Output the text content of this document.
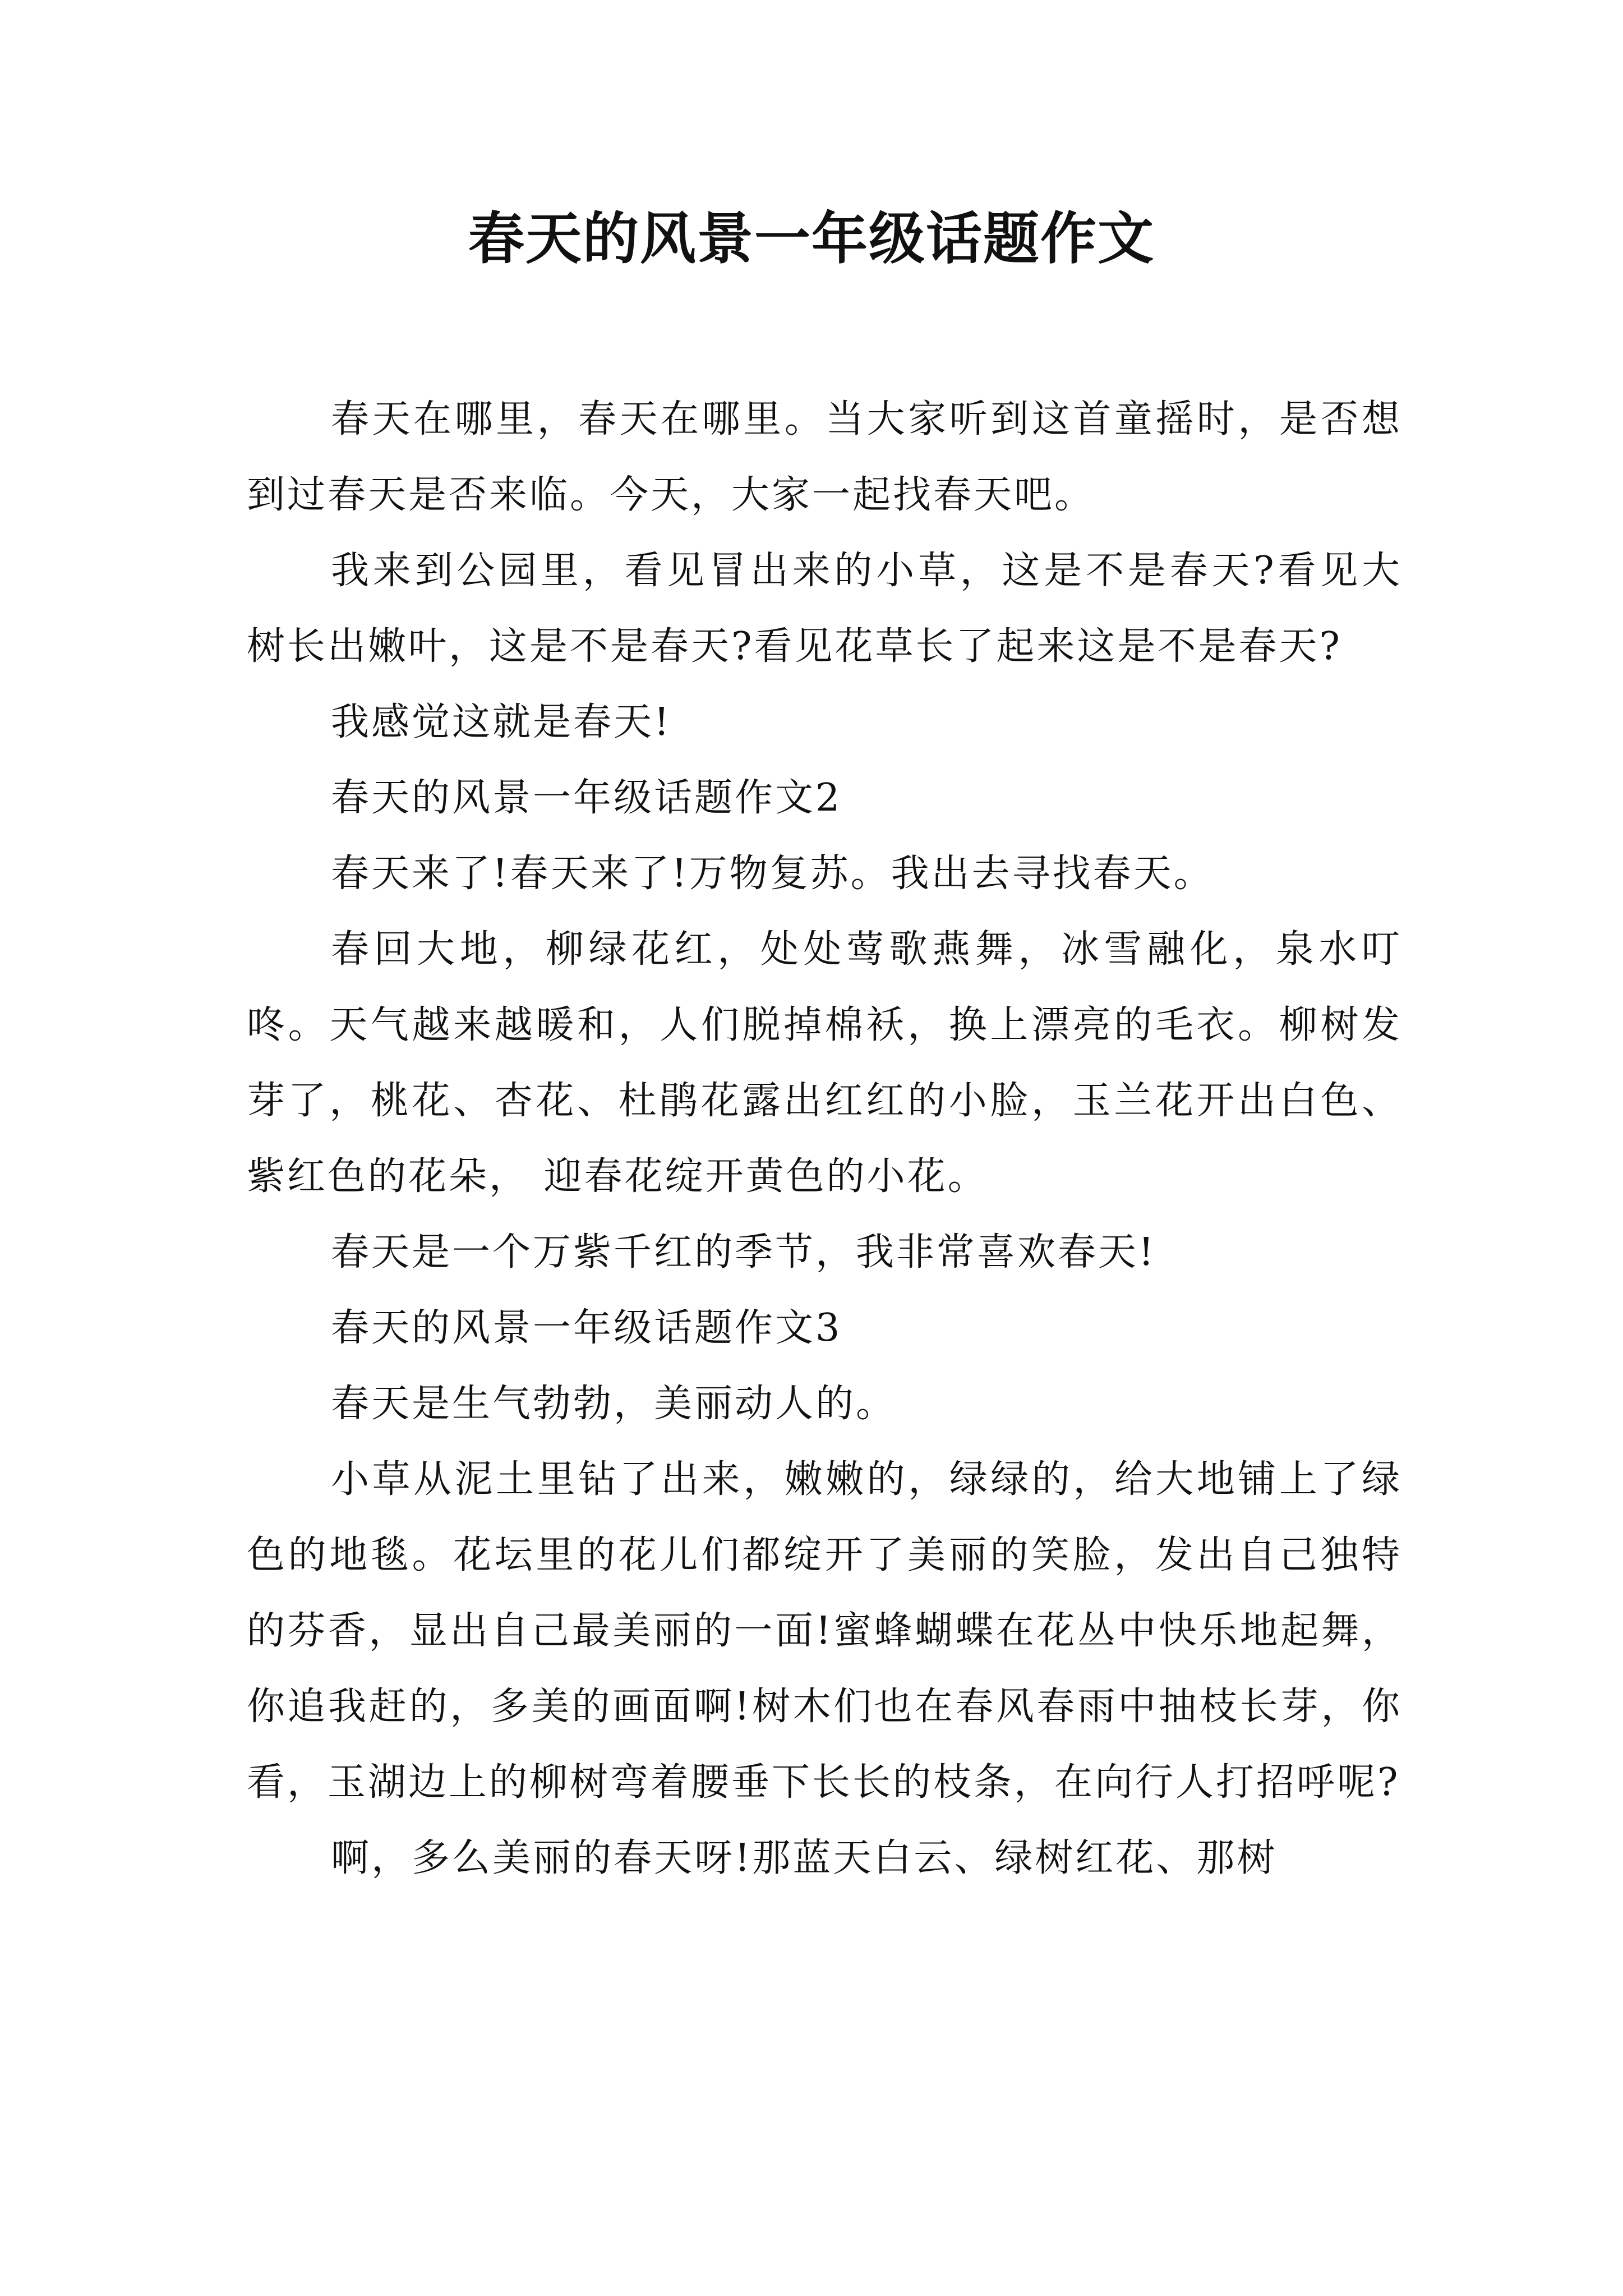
春天的风景一年级话题作文

春天在哪里，春天在哪里。当大家听到这首童摇时，是否想到过春天是否来临。今天，大家一起找春天吧。

我来到公园里，看见冒出来的小草，这是不是春天?看见大树长出嫩叶，这是不是春天?看见花草长了起来这是不是春天?

我感觉这就是春天!

春天的风景一年级话题作文2

春天来了!春天来了!万物复苏。我出去寻找春天。

春回大地，柳绿花红，处处莺歌燕舞，冰雪融化，泉水叮咚。天气越来越暖和，人们脱掉棉袄，换上漂亮的毛衣。柳树发芽了，桃花、杏花、杜鹃花露出红红的小脸，玉兰花开出白色、紫红色的花朵， 迎春花绽开黄色的小花。

春天是一个万紫千红的季节，我非常喜欢春天!

春天的风景一年级话题作文3

春天是生气勃勃，美丽动人的。

小草从泥土里钻了出来，嫩嫩的，绿绿的，给大地铺上了绿色的地毯。花坛里的花儿们都绽开了美丽的笑脸，发出自己独特的芬香，显出自己最美丽的一面!蜜蜂蝴蝶在花丛中快乐地起舞，你追我赶的，多美的画面啊!树木们也在春风春雨中抽枝长芽，你看，玉湖边上的柳树弯着腰垂下长长的枝条，在向行人打招呼呢?

啊，多么美丽的春天呀!那蓝天白云、绿树红花、那树
